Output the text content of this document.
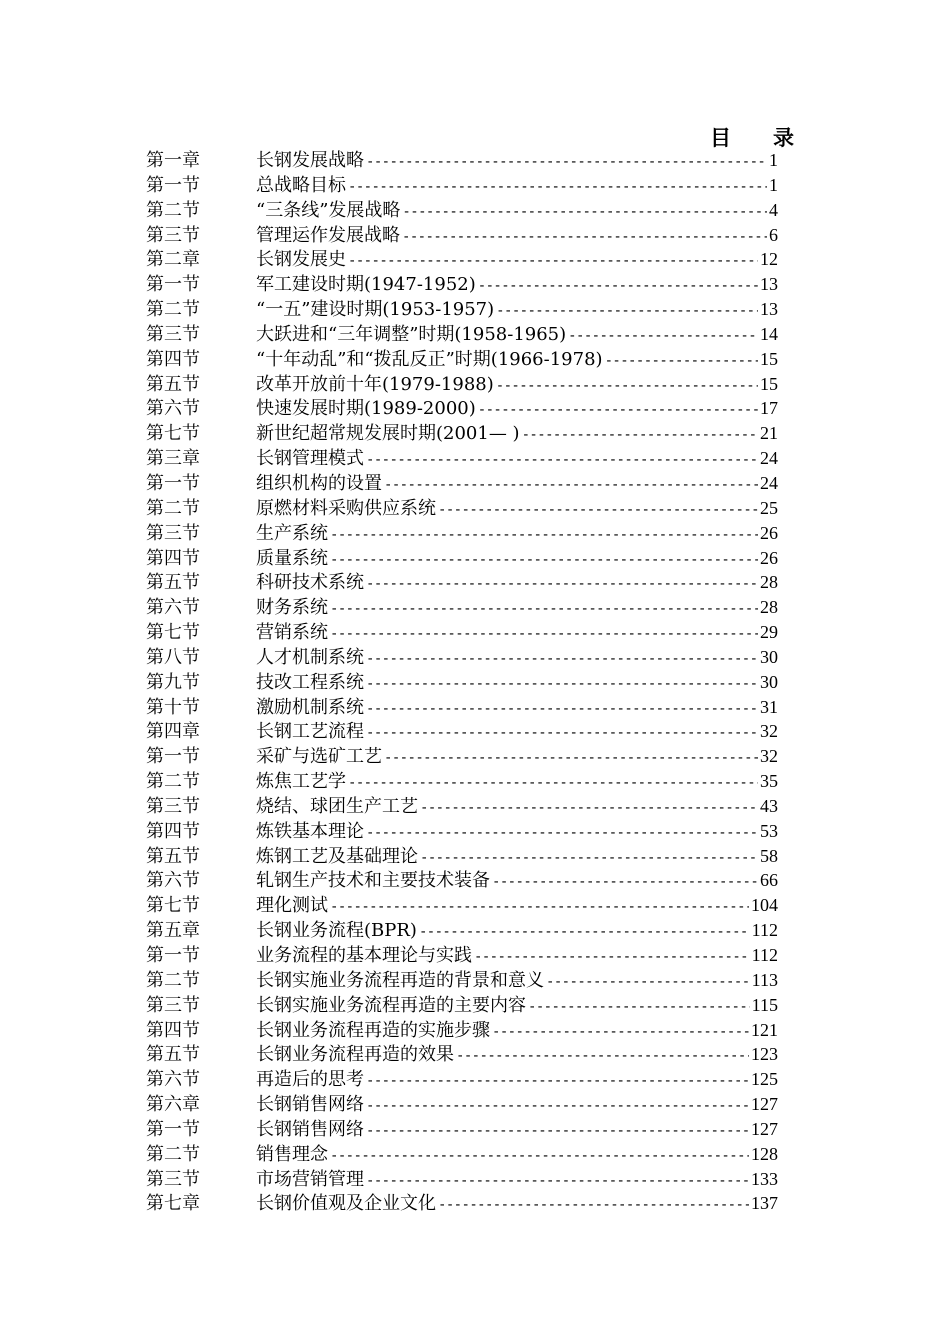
目录
第一章	长钢发展战略 -----	1
第一节	总战略目标 -----	1
第二节	“三条线”发展战略 -----	4
第三节	管理运作发展战略 -----	6
第二章	长钢发展史 -----	12
第一节	军工建设时期(1947-1952) -----	13
第二节	“一五”建设时期(1953-1957) -----	13
第三节	大跃进和“三年调整”时期(1958-1965) -----	14
第四节	“十年动乱”和“拨乱反正”时期(1966-1978) -----	15
第五节	改革开放前十年(1979-1988) -----	15
第六节	快速发展时期(1989-2000) -----	17
第七节	新世纪超常规发展时期(2001— ) -----	21
第三章	长钢管理模式 -----	24
第一节	组织机构的设置 -----	24
第二节	原燃材料采购供应系统 -----	25
第三节	生产系统 -----	26
第四节	质量系统 -----	26
第五节	科研技术系统 -----	28
第六节	财务系统 -----	28
第七节	营销系统 -----	29
第八节	人才机制系统 -----	30
第九节	技改工程系统 -----	30
第十节	激励机制系统 -----	31
第四章	长钢工艺流程 -----	32
第一节	采矿与选矿工艺 -----	32
第二节	炼焦工艺学 -----	35
第三节	烧结、球团生产工艺 -----	43
第四节	炼铁基本理论 -----	53
第五节	炼钢工艺及基础理论 -----	58
第六节	轧钢生产技术和主要技术装备 -----	66
第七节	理化测试 -----	104
第五章	长钢业务流程(BPR) -----	112
第一节	业务流程的基本理论与实践 -----	112
第二节	长钢实施业务流程再造的背景和意义 -----	113
第三节	长钢实施业务流程再造的主要内容 -----	115
第四节	长钢业务流程再造的实施步骤 -----	121
第五节	长钢业务流程再造的效果 -----	123
第六节	再造后的思考 -----	125
第六章	长钢销售网络 -----	127
第一节	长钢销售网络 -----	127
第二节	销售理念 -----	128
第三节	市场营销管理 -----	133
第七章	长钢价值观及企业文化 -----	137
